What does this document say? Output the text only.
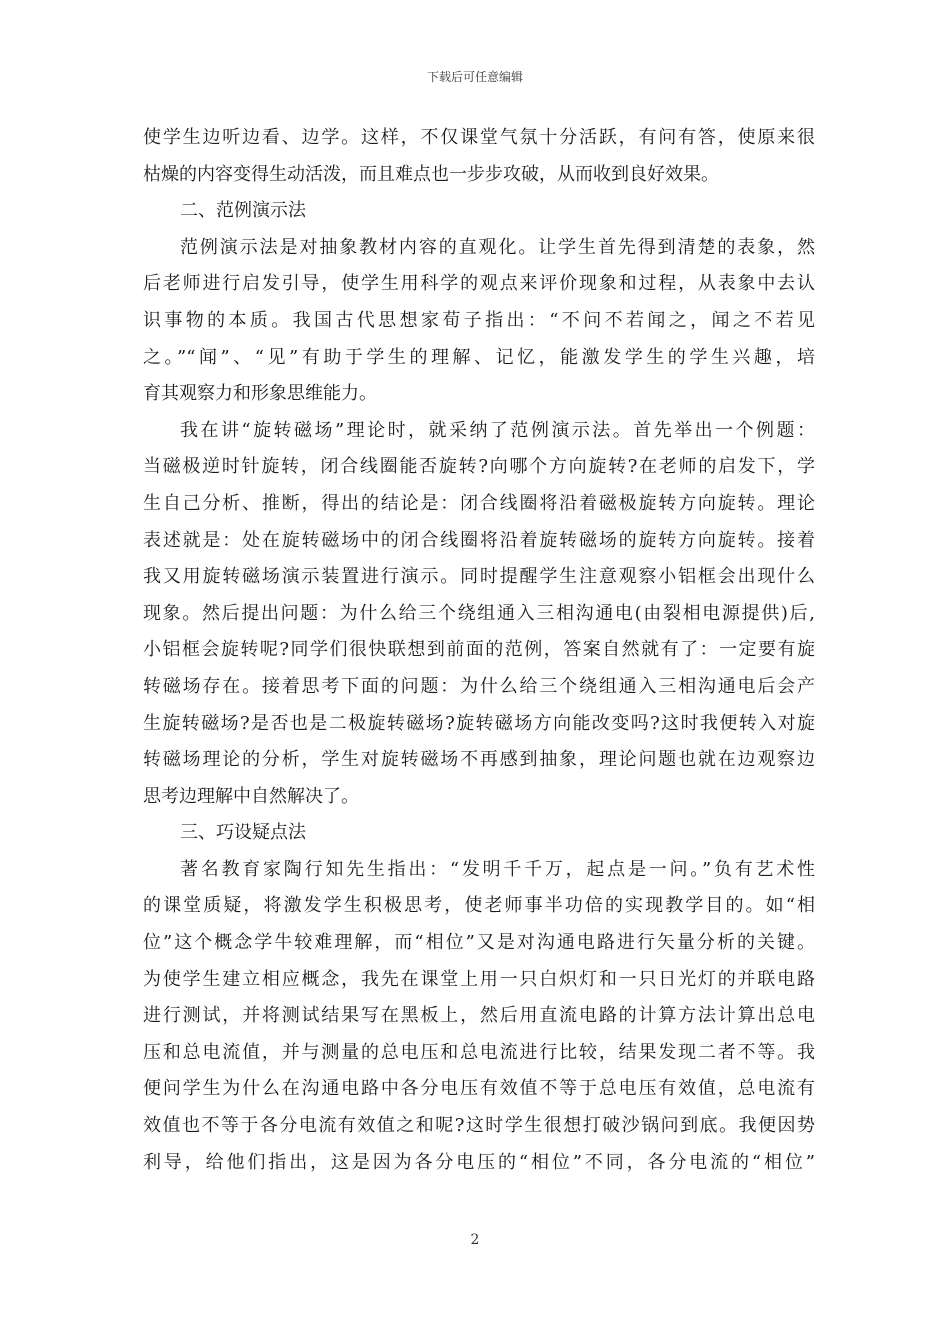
下载后可任意编辑
使学生边听边看、边学。这样，不仅课堂气氛十分活跃，有问有答，使原来很
枯燥的内容变得生动活泼，而且难点也一步步攻破，从而收到良好效果。
二、范例演示法
范例演示法是对抽象教材内容的直观化。让学生首先得到清楚的表象，然
后老师进行启发引导，使学生用科学的观点来评价现象和过程，从表象中去认
识事物的本质。我国古代思想家荀子指出：“不问不若闻之，闻之不若见
之。”“闻”、“见”有助于学生的理解、记忆，能激发学生的学生兴趣，培
育其观察力和形象思维能力。
我在讲“旋转磁场”理论时，就采纳了范例演示法。首先举出一个例题：
当磁极逆时针旋转，闭合线圈能否旋转?向哪个方向旋转?在老师的启发下，学
生自己分析、推断，得出的结论是：闭合线圈将沿着磁极旋转方向旋转。理论
表述就是：处在旋转磁场中的闭合线圈将沿着旋转磁场的旋转方向旋转。接着
我又用旋转磁场演示装置进行演示。同时提醒学生注意观察小铝框会出现什么
现象。然后提出问题：为什么给三个绕组通入三相沟通电(由裂相电源提供)后,
小铝框会旋转呢?同学们很快联想到前面的范例，答案自然就有了：一定要有旋
转磁场存在。接着思考下面的问题：为什么给三个绕组通入三相沟通电后会产
生旋转磁场?是否也是二极旋转磁场?旋转磁场方向能改变吗?这时我便转入对旋
转磁场理论的分析，学生对旋转磁场不再感到抽象，理论问题也就在边观察边
思考边理解中自然解决了。
三、巧设疑点法
著名教育家陶行知先生指出：“发明千千万，起点是一问。”负有艺术性
的课堂质疑，将激发学生积极思考，使老师事半功倍的实现教学目的。如“相
位”这个概念学牛较难理解，而“相位”又是对沟通电路进行矢量分析的关键。
为使学生建立相应概念，我先在课堂上用一只白炽灯和一只日光灯的并联电路
进行测试，并将测试结果写在黑板上，然后用直流电路的计算方法计算出总电
压和总电流值，并与测量的总电压和总电流进行比较，结果发现二者不等。我
便问学生为什么在沟通电路中各分电压有效值不等于总电压有效值，总电流有
效值也不等于各分电流有效值之和呢?这时学生很想打破沙锅问到底。我便因势
利导，给他们指出，这是因为各分电压的“相位”不同，各分电流的“相位”
2
